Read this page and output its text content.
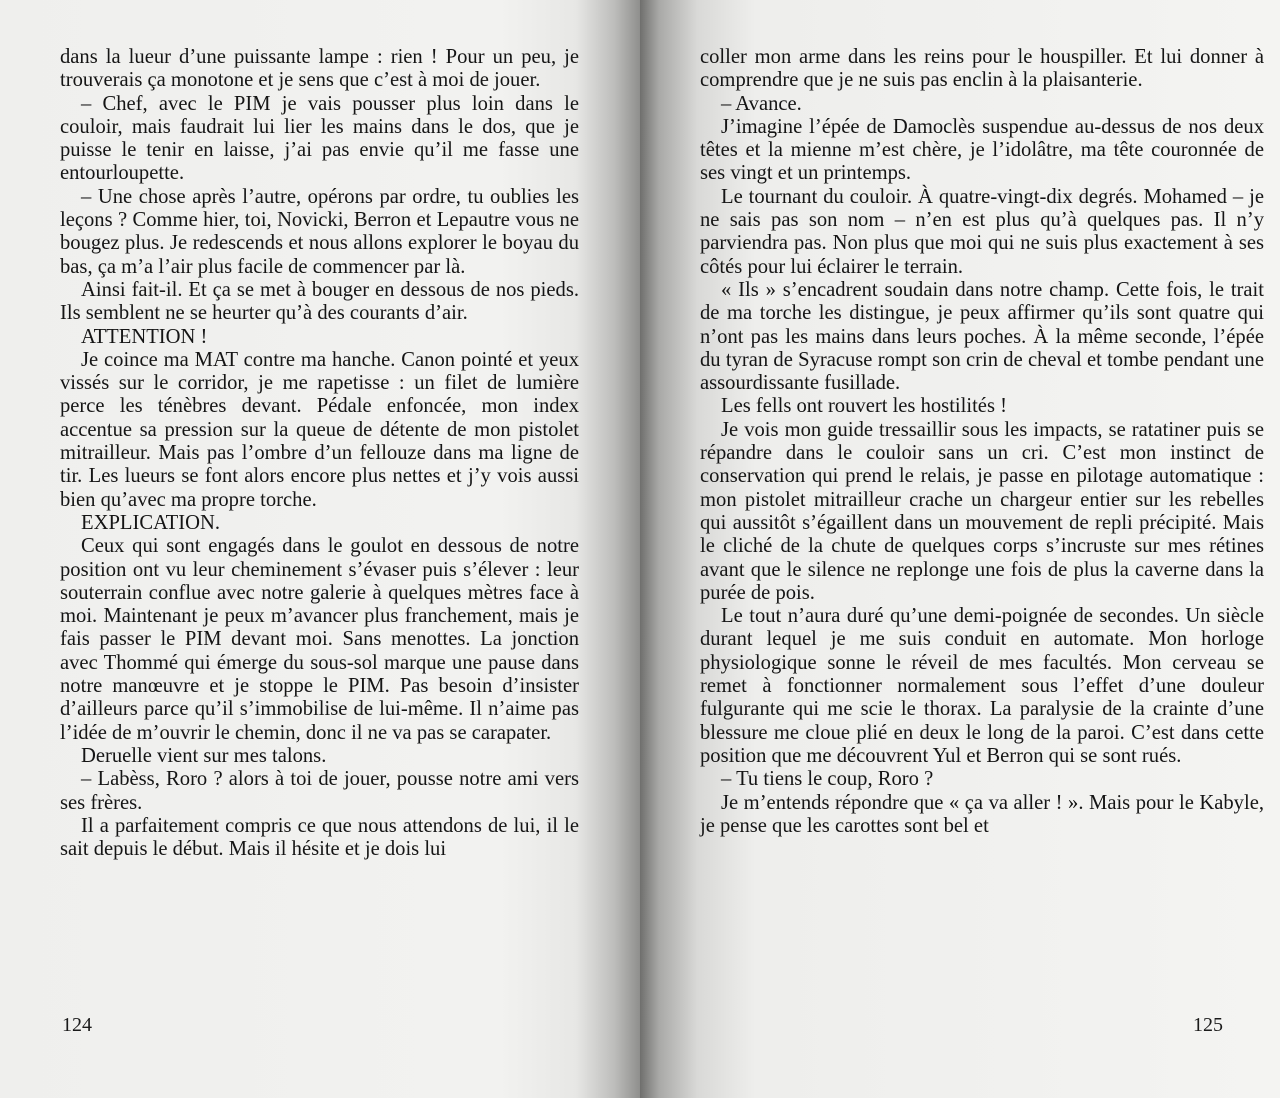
dans la lueur d’une puissante lampe : rien ! Pour un peu, je trouverais ça monotone et je sens que c’est à moi de jouer.

– Chef, avec le PIM je vais pousser plus loin dans le couloir, mais faudrait lui lier les mains dans le dos, que je puisse le tenir en laisse, j’ai pas envie qu’il me fasse une entourloupette.

– Une chose après l’autre, opérons par ordre, tu oublies les leçons ? Comme hier, toi, Novicki, Berron et Lepautre vous ne bougez plus. Je redescends et nous allons explorer le boyau du bas, ça m’a l’air plus facile de commencer par là.

Ainsi fait-il. Et ça se met à bouger en dessous de nos pieds. Ils semblent ne se heurter qu’à des courants d’air.

ATTENTION !

Je coince ma MAT contre ma hanche. Canon pointé et yeux vissés sur le corridor, je me rapetisse : un filet de lumière perce les ténèbres devant. Pédale enfoncée, mon index accentue sa pression sur la queue de détente de mon pistolet mitrailleur. Mais pas l’ombre d’un fellouze dans ma ligne de tir. Les lueurs se font alors encore plus nettes et j’y vois aussi bien qu’avec ma propre torche.

EXPLICATION.

Ceux qui sont engagés dans le goulot en dessous de notre position ont vu leur cheminement s’évaser puis s’élever : leur souterrain conflue avec notre galerie à quelques mètres face à moi. Maintenant je peux m’avancer plus franchement, mais je fais passer le PIM devant moi. Sans menottes. La jonction avec Thommé qui émerge du sous-sol marque une pause dans notre manœuvre et je stoppe le PIM. Pas besoin d’insister d’ailleurs parce qu’il s’immobilise de lui-même. Il n’aime pas l’idée de m’ouvrir le chemin, donc il ne va pas se carapater.

Deruelle vient sur mes talons.

– Labèss, Roro ? alors à toi de jouer, pousse notre ami vers ses frères.

Il a parfaitement compris ce que nous attendons de lui, il le sait depuis le début. Mais il hésite et je dois lui

124

coller mon arme dans les reins pour le houspiller. Et lui donner à comprendre que je ne suis pas enclin à la plaisanterie.

– Avance.

J’imagine l’épée de Damoclès suspendue au-dessus de nos deux têtes et la mienne m’est chère, je l’idolâtre, ma tête couronnée de ses vingt et un printemps.

Le tournant du couloir. À quatre-vingt-dix degrés. Mohamed – je ne sais pas son nom – n’en est plus qu’à quelques pas. Il n’y parviendra pas. Non plus que moi qui ne suis plus exactement à ses côtés pour lui éclairer le terrain.

« Ils » s’encadrent soudain dans notre champ. Cette fois, le trait de ma torche les distingue, je peux affirmer qu’ils sont quatre qui n’ont pas les mains dans leurs poches. À la même seconde, l’épée du tyran de Syracuse rompt son crin de cheval et tombe pendant une assourdissante fusillade.

Les fells ont rouvert les hostilités !

Je vois mon guide tressaillir sous les impacts, se ratatiner puis se répandre dans le couloir sans un cri. C’est mon instinct de conservation qui prend le relais, je passe en pilotage automatique : mon pistolet mitrailleur crache un chargeur entier sur les rebelles qui aussitôt s’égaillent dans un mouvement de repli précipité. Mais le cliché de la chute de quelques corps s’incruste sur mes rétines avant que le silence ne replonge une fois de plus la caverne dans la purée de pois.

Le tout n’aura duré qu’une demi-poignée de secondes. Un siècle durant lequel je me suis conduit en automate. Mon horloge physiologique sonne le réveil de mes facultés. Mon cerveau se remet à fonctionner normalement sous l’effet d’une douleur fulgurante qui me scie le thorax. La paralysie de la crainte d’une blessure me cloue plié en deux le long de la paroi. C’est dans cette position que me découvrent Yul et Berron qui se sont rués.

– Tu tiens le coup, Roro ?

Je m’entends répondre que « ça va aller ! ». Mais pour le Kabyle, je pense que les carottes sont bel et

125
